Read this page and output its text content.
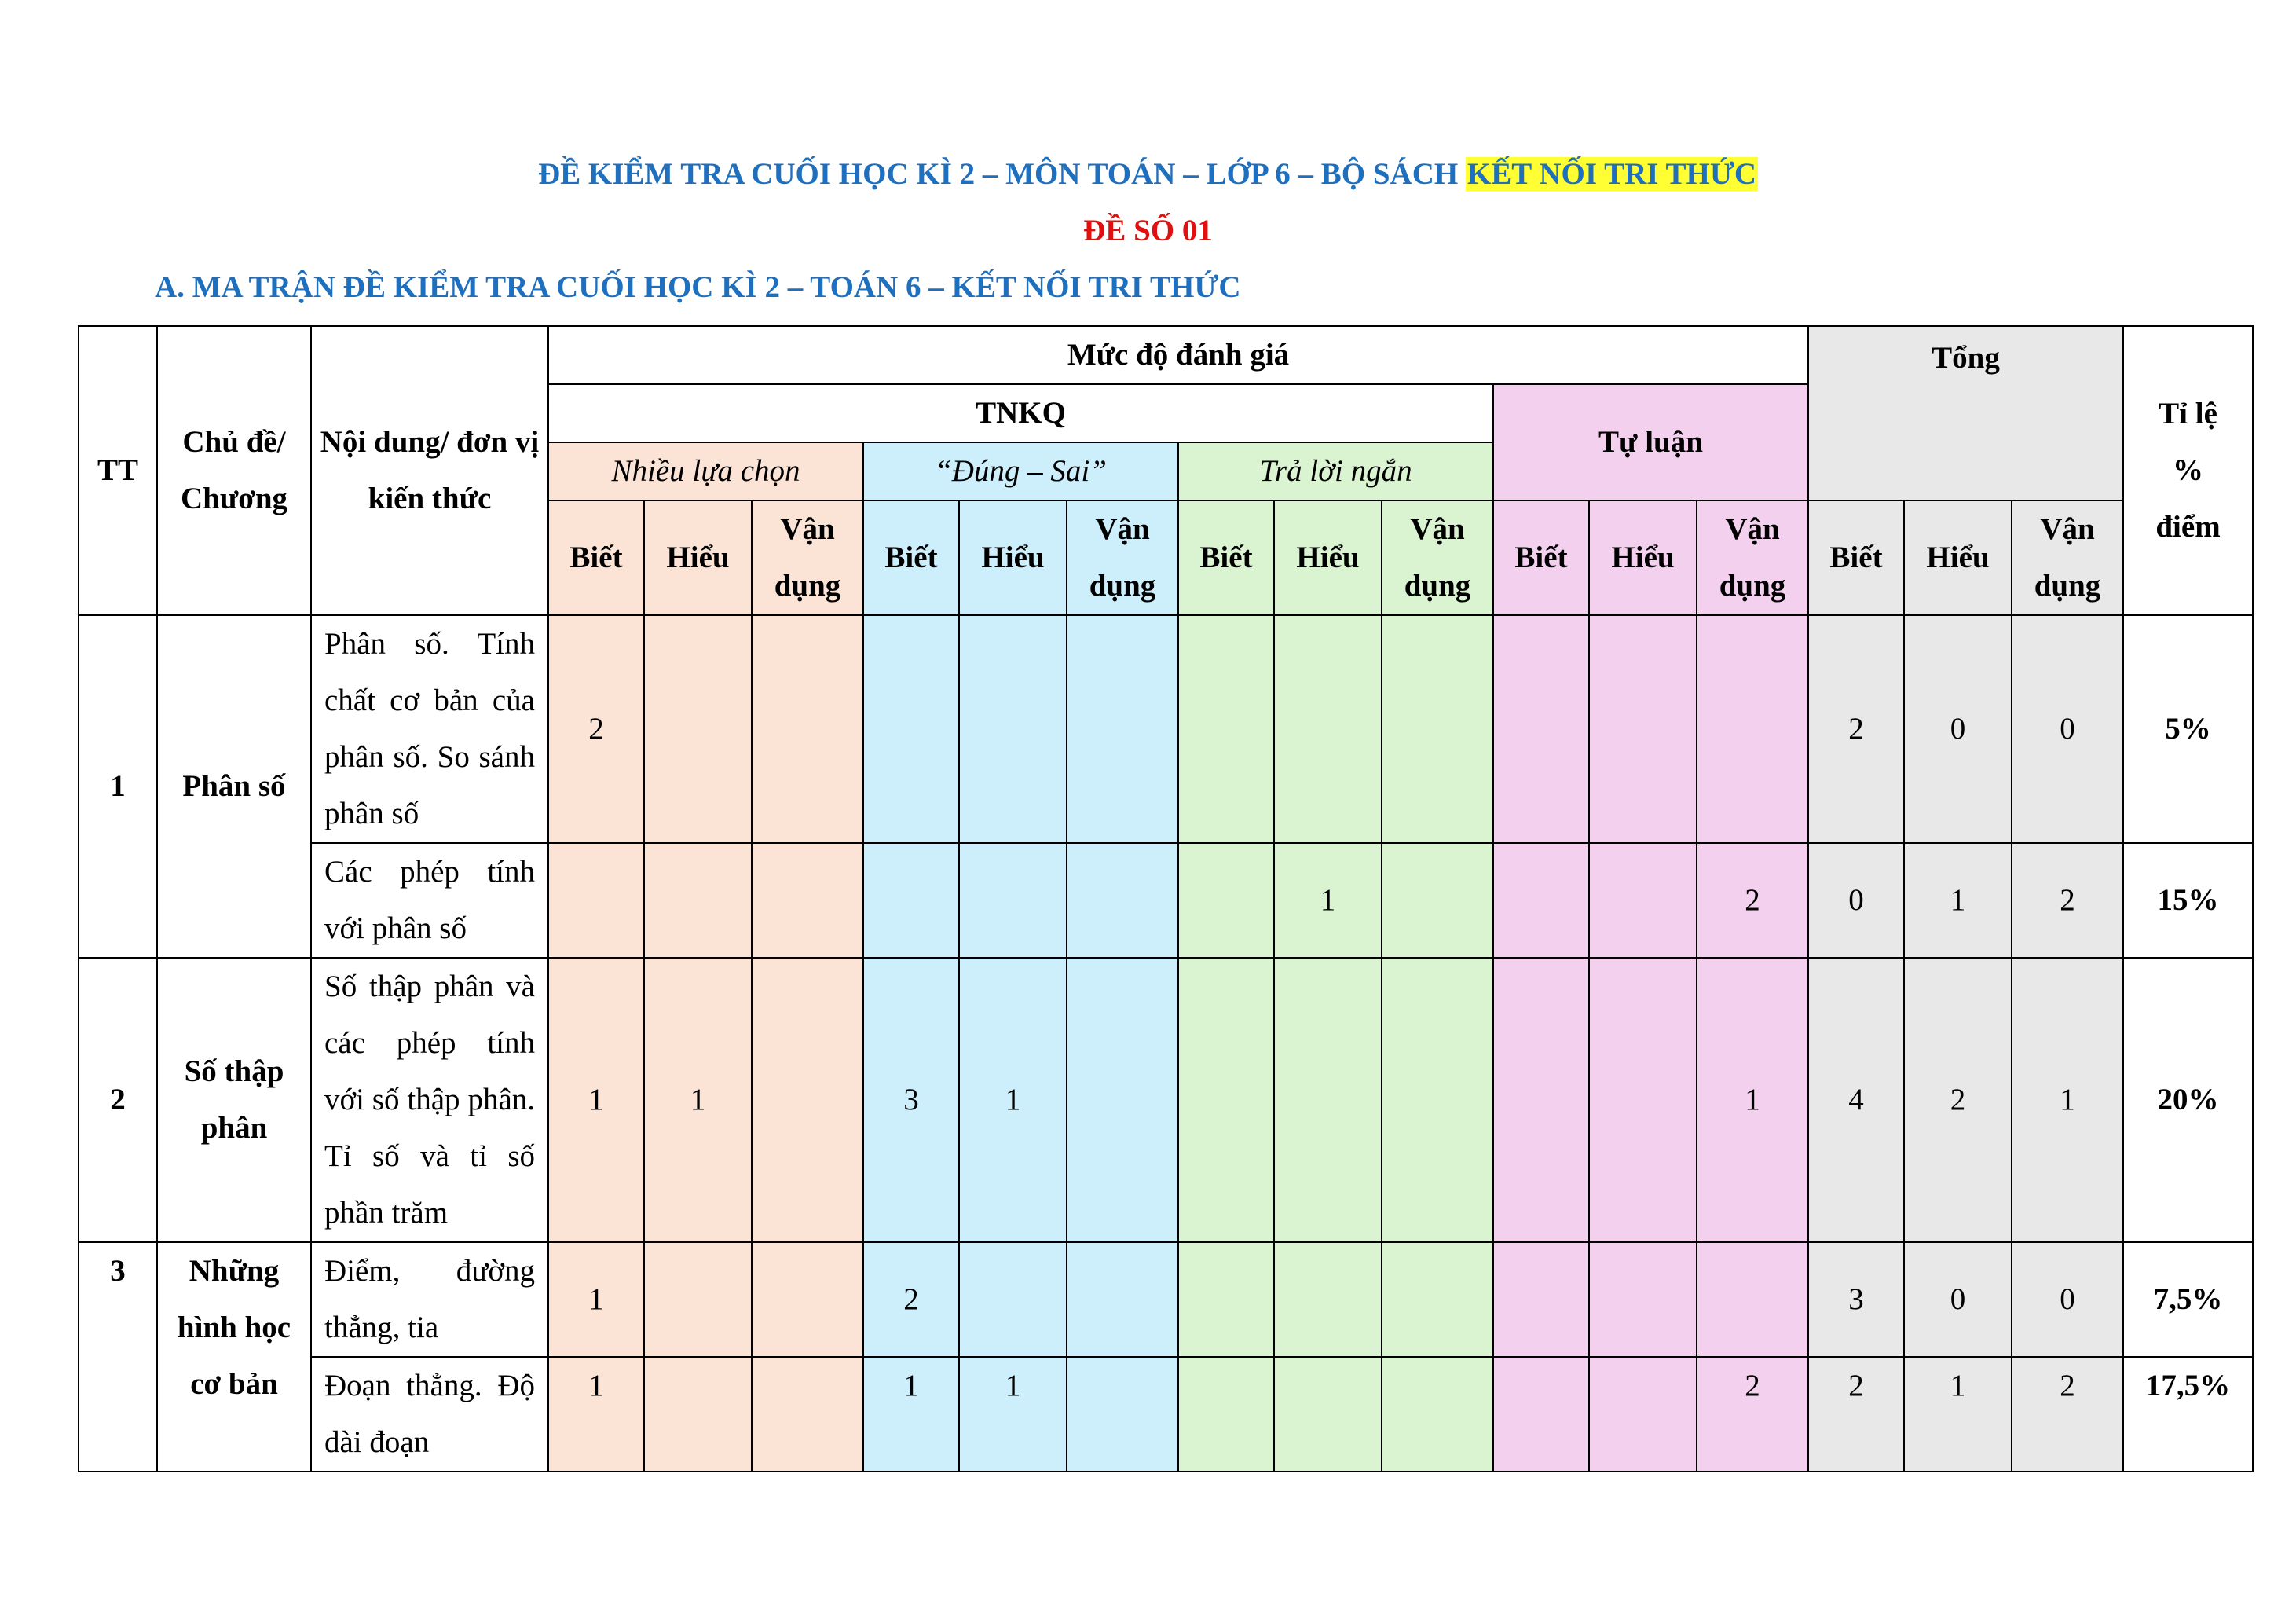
ĐỀ KIỂM TRA CUỐI HỌC KÌ 2 – MÔN TOÁN – LỚP 6 – BỘ SÁCH KẾT NỐI TRI THỨC
ĐỀ SỐ 01
A. MA TRẬN ĐỀ KIỂM TRA CUỐI HỌC KÌ 2 – TOÁN 6 – KẾT NỐI TRI THỨC
TT	Chủ đề/ Chương	Nội dung/ đơn vị kiến thức	Mức độ đánh giá												Tổng			Tỉ lệ % điểm
			TNKQ									Tự luận						
			Nhiều lựa chọn			“Đúng – Sai”			Trả lời ngắn									
			Biết	Hiểu	Vận dụng	Biết	Hiểu	Vận dụng	Biết	Hiểu	Vận dụng	Biết	Hiểu	Vận dụng	Biết	Hiểu	Vận dụng	
1	Phân số	Phân số. Tính chất cơ bản của phân số. So sánh phân số	2												2	0	0	5%
		Các phép tính với phân số								1				2	0	1	2	15%
2	Số thập phân	Số thập phân và các phép tính với số thập phân. Tỉ số và tỉ số phần trăm	1	1		3	1							1	4	2	1	20%
3	Những hình học cơ bản	Điểm, đường thẳng, tia	1			2									3	0	0	7,5%
		Đoạn thẳng. Độ dài đoạn	1			1	1							2	2	1	2	17,5%
